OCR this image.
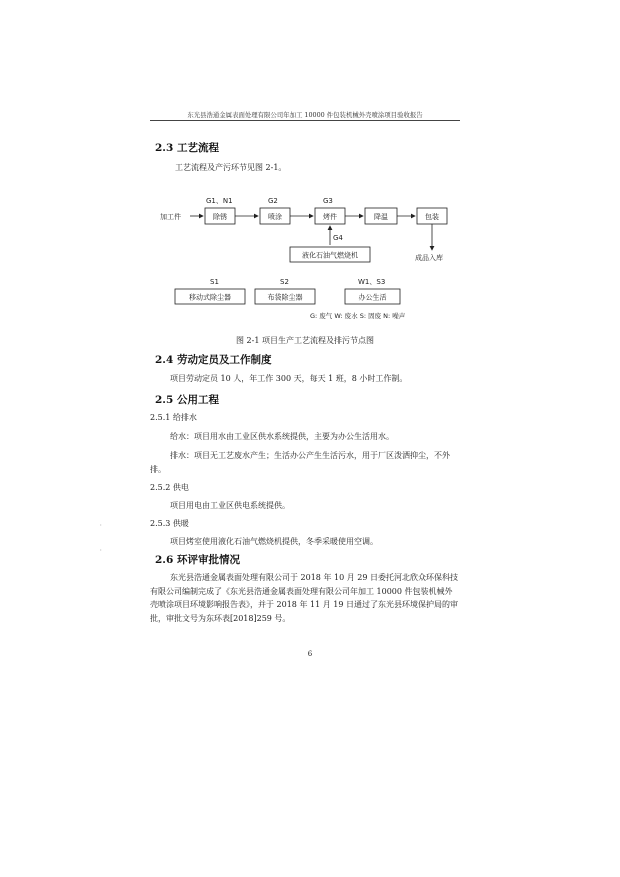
东光县浩通金属表面处理有限公司年加工 10000 件包装机械外壳喷涂项目验收报告
2.3 工艺流程
工艺流程及产污环节见图 2-1。
加工件
G1、N1
除锈
G2
喷涂
G3
烤件	降温	包装
成品入库
G4
液化石油气燃烧机
S1
移动式除尘器
S2
布袋除尘器
W1、S3
办公生活
G: 废气 W: 废水 S: 固废 N: 噪声
图 2-1 项目生产工艺流程及排污节点图
2.4 劳动定员及工作制度
项目劳动定员 10 人，年工作 300 天，每天 1 班，8 小时工作制。
2.5 公用工程
2.5.1 给排水
给水：项目用水由工业区供水系统提供，主要为办公生活用水。
排水：项目无工艺废水产生；生活办公产生生活污水，用于厂区泼洒抑尘，不外排。
2.5.2 供电
项目用电由工业区供电系统提供。
2.5.3 供暖
项目烤室使用液化石油气燃烧机提供，冬季采暖使用空调。
2.6 环评审批情况
东光县浩通金属表面处理有限公司于 2018 年 10 月 29 日委托河北欣众环保科技有限公司编制完成了《东光县浩通金属表面处理有限公司年加工 10000 件包装机械外壳喷涂项目环境影响报告表》，并于 2018 年 11 月 19 日通过了东光县环境保护局的审批，审批文号为东环表[2018]259 号。
6
:
:
